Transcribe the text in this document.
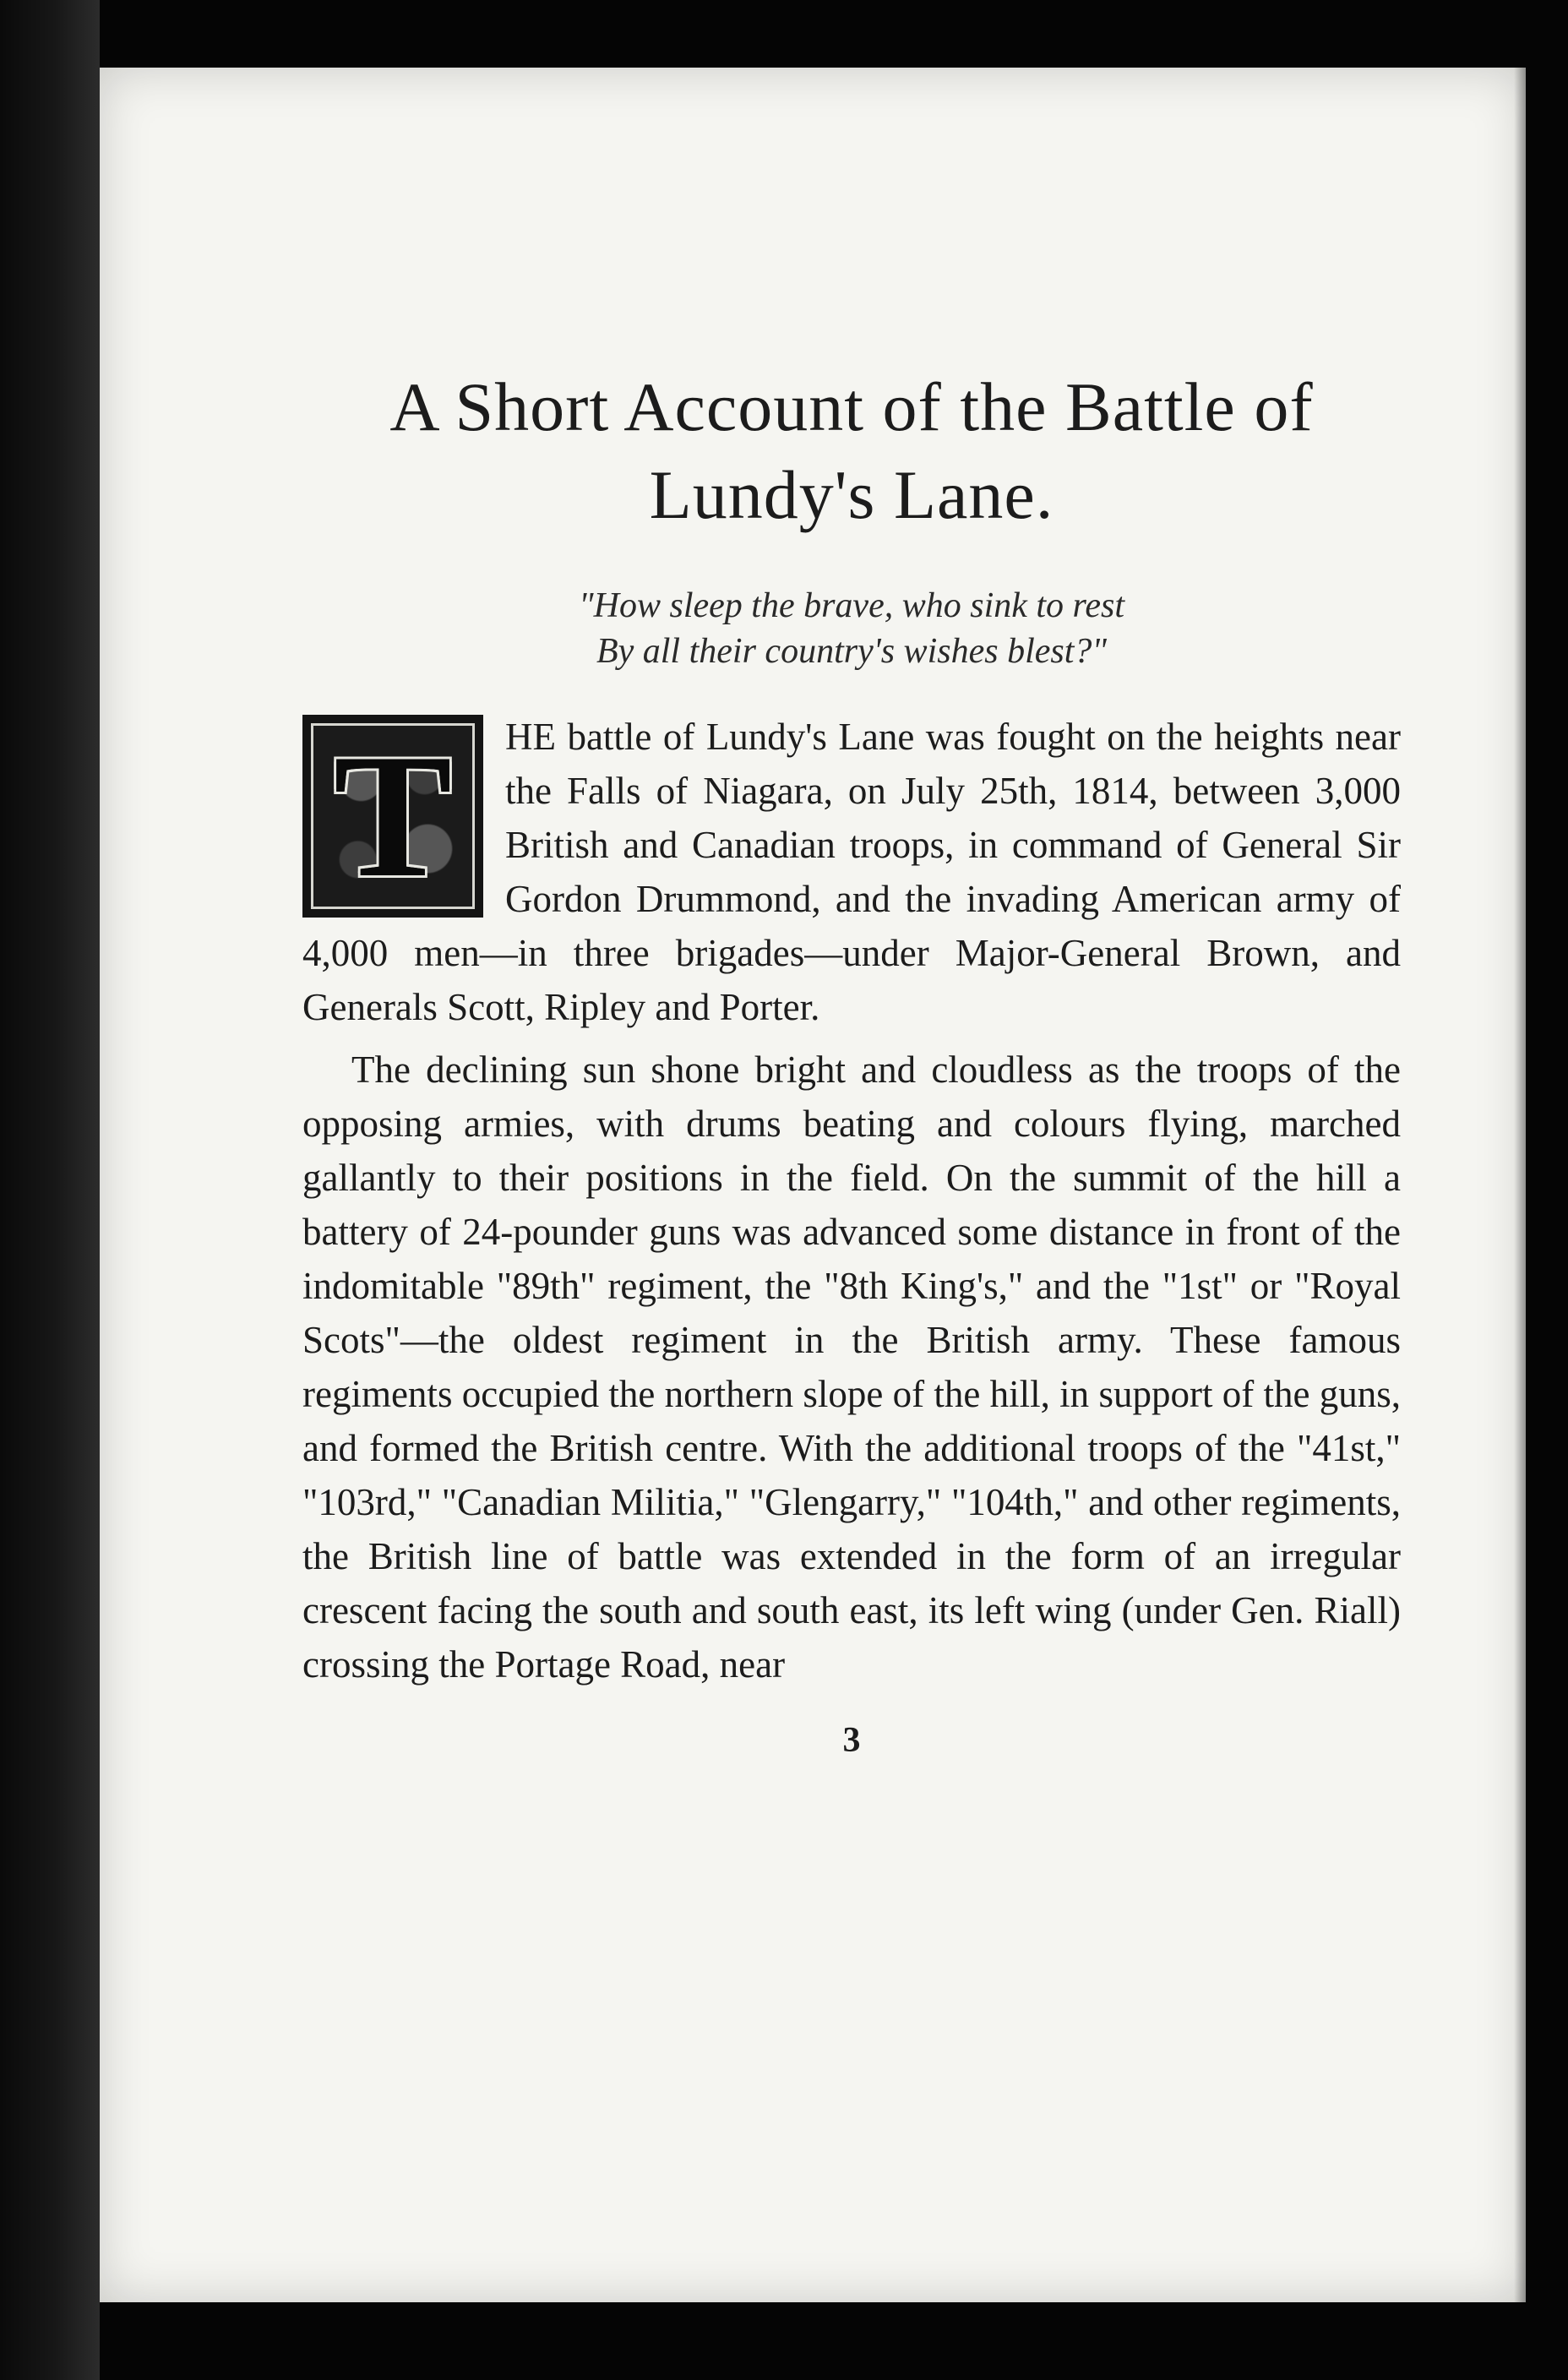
A Short Account of the Battle of Lundy's Lane.
"How sleep the brave, who sink to rest
By all their country's wishes blest?"

T	HE battle of Lundy's Lane was fought on the heights near the Falls of Niagara, on July 25th, 1814, between 3,000 British and Canadian troops, in command of General Sir Gordon Drummond, and the invading American army of 4,000 men—in three brigades—under Major-General Brown, and Generals Scott, Ripley and Porter.

The declining sun shone bright and cloudless as the troops of the opposing armies, with drums beating and colours flying, marched gallantly to their positions in the field. On the summit of the hill a battery of 24-pounder guns was advanced some distance in front of the indomitable "89th" regiment, the "8th King's," and the "1st" or "Royal Scots"—the oldest regiment in the British army. These famous regiments occupied the northern slope of the hill, in support of the guns, and formed the British centre. With the additional troops of the "41st," "103rd," "Canadian Militia," "Glengarry," "104th," and other regiments, the British line of battle was extended in the form of an irregular crescent facing the south and south east, its left wing (under Gen. Riall) crossing the Portage Road, near

3
